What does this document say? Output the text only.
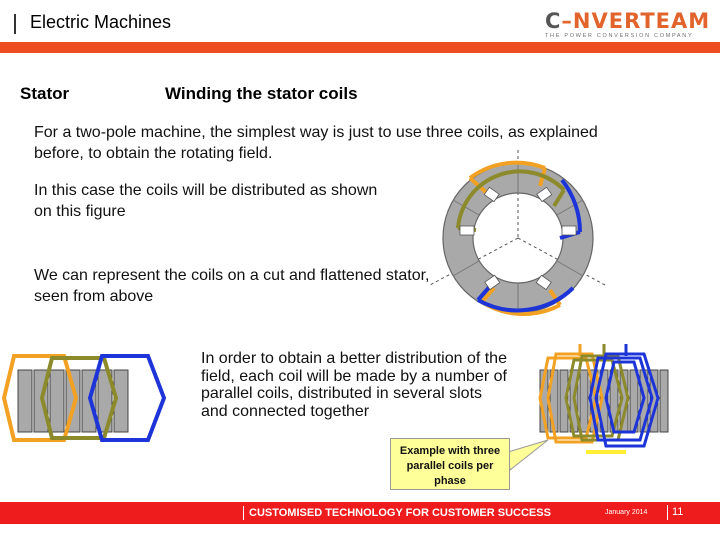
Electric Machines	C–NVERTEAM
THE POWER CONVERSION COMPANY
Stator	Winding the stator coils
For a two-pole machine, the simplest way is just to use three coils, as explained before, to obtain the rotating field.
In this case the coils will be distributed as shown on this figure
We can represent the coils on a cut and flattened stator, seen from above
In order to obtain a better distribution of the field, each coil will be made by a number of parallel coils, distributed in several slots and connected together
Example with three parallel coils per phase
CUSTOMISED TECHNOLOGY FOR CUSTOMER SUCCESS	January 2014 11
